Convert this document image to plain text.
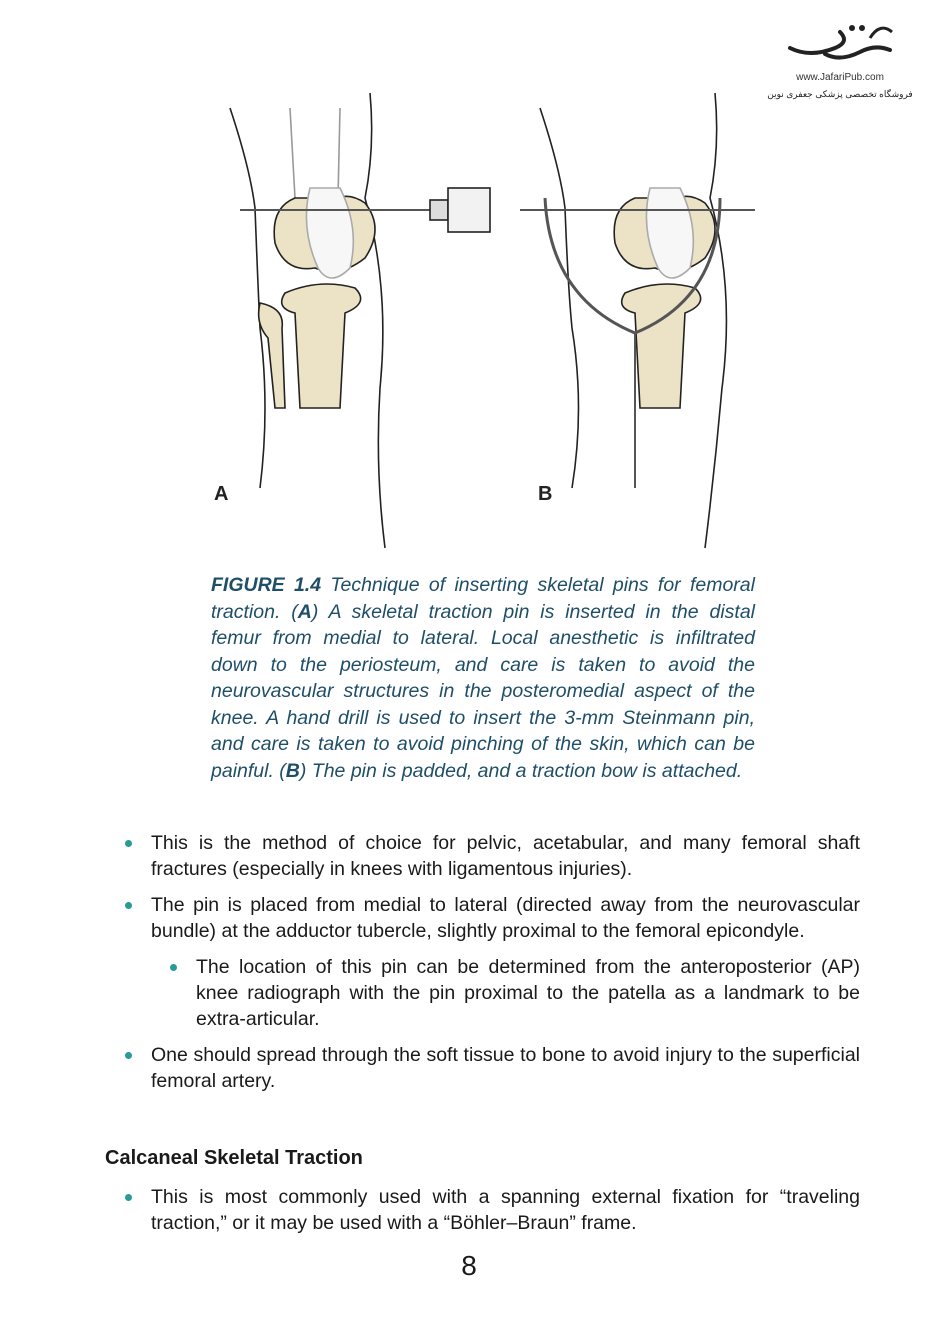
www.JafariPub.com
فروشگاه تخصصی پزشکی جعفری نوین
A	B
FIGURE 1.4 Technique of inserting skeletal pins for femoral traction. (A) A skeletal traction pin is inserted in the distal femur from medial to lateral. Local anesthetic is infiltrated down to the periosteum, and care is taken to avoid the neurovascular structures in the posteromedial aspect of the knee. A hand drill is used to insert the 3-mm Steinmann pin, and care is taken to avoid pinching of the skin, which can be painful. (B) The pin is padded, and a traction bow is attached.
This is the method of choice for pelvic, acetabular, and many femoral shaft fractures (especially in knees with ligamentous injuries).
The pin is placed from medial to lateral (directed away from the neurovascular bundle) at the adductor tubercle, slightly proximal to the femoral epicondyle.
The location of this pin can be determined from the anteroposterior (AP) knee radiograph with the pin proximal to the patella as a landmark to be extra-articular.
One should spread through the soft tissue to bone to avoid injury to the superficial femoral artery.
Calcaneal Skeletal Traction
This is most commonly used with a spanning external fixation for “traveling traction,” or it may be used with a “Böhler–Braun” frame.
8
